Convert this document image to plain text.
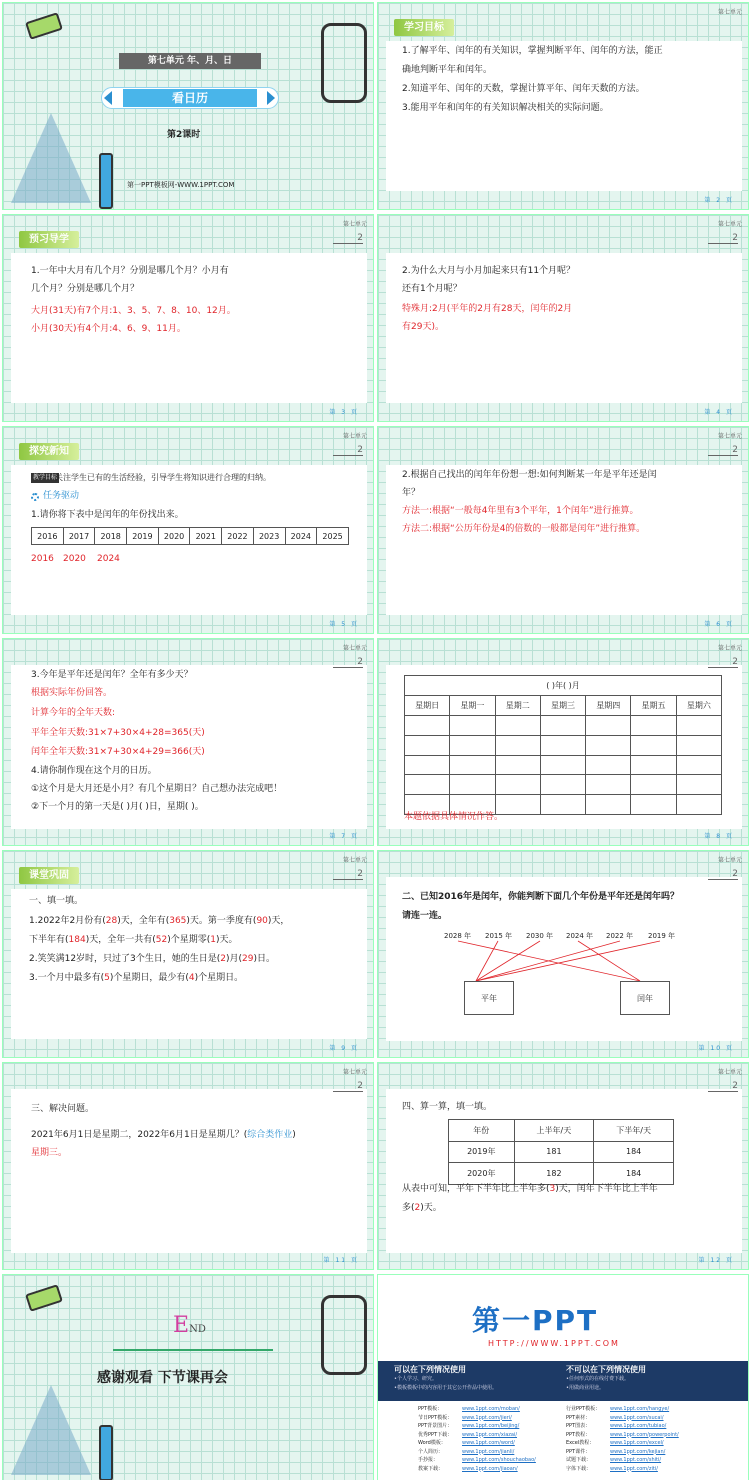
第七单元 年、月、日
看日历
第2课时
第一PPT模板网-WWW.1PPT.COM
学习目标
第七单元
1.了解平年、闰年的有关知识，掌握判断平年、闰年的方法，能正
确地判断平年和闰年。
2.知道平年、闰年的天数，掌握计算平年、闰年天数的方法。
3.能用平年和闰年的有关知识解决相关的实际问题。
第 2 页
预习导学
第七单元
2
1.一年中大月有几个月？分别是哪几个月？小月有
几个月？分别是哪几个月？
大月(31天)有7个月:1、3、5、7、8、10、12月。
小月(30天)有4个月:4、6、9、11月。
第 3 页
第七单元
2
2.为什么大月与小月加起来只有11个月呢？
还有1个月呢？
特殊月:2月(平年的2月有28天，闰年的2月
有29天)。
第 4 页
探究新知
第七单元
2
教学目标
关注学生已有的生活经验，引导学生将知识进行合理的归纳。
任务驱动
1.请你将下表中是闰年的年份找出来。
2016	2017	2018	2019	2020	2021	2022	2023	2024	2025
2016 2020 2024
第 5 页
第七单元
2
2.根据自己找出的闰年年份想一想:如何判断某一年是平年还是闰
年？
方法一:根据“一般每4年里有3个平年，1个闰年”进行推算。
方法二:根据“公历年份是4的倍数的一般都是闰年”进行推算。
第 6 页
第七单元
2
3.今年是平年还是闰年？全年有多少天？
根据实际年份回答。
计算今年的全年天数:
平年全年天数:31×7+30×4+28=365(天)
闰年全年天数:31×7+30×4+29=366(天)
4.请你制作现在这个月的日历。
①这个月是大月还是小月？有几个星期日？自己想办法完成吧！
②下一个月的第一天是( )月( )日，星期( )。
第 7 页
第七单元
2
( )年( )月						
星期日	星期一	星期二	星期三	星期四	星期五	星期六

本题依据具体情况作答。
第 8 页
课堂巩固
第七单元
2
一、填一填。
1.2022年2月份有(28)天，全年有(365)天。第一季度有(90)天，
下半年有(184)天，全年一共有(52)个星期零(1)天。
2.笑笑满12岁时，只过了3个生日，她的生日是(2)月(29)日。
3.一个月中最多有(5)个星期日，最少有(4)个星期日。
第 9 页
第七单元
2
二、已知2016年是闰年，你能判断下面几个年份是平年还是闰年吗？
请连一连。
2028 年 2015 年 2030 年 2024 年 2022 年 2019 年
平年	闰年
第 10 页
第七单元
2
三、解决问题。
2021年6月1日是星期二，2022年6月1日是星期几？(综合类作业)
星期三。
第 11 页
第七单元
2
四、算一算，填一填。
年份	上半年/天	下半年/天
2019年	181	184
2020年	182	184
从表中可知，平年下半年比上半年多(3)天，闰年下半年比上半年
多(2)天。
第 12 页
END
感谢观看 下节课再会
第一PPT
HTTP://WWW.1PPT.COM
可以在下列情况使用
•个人学习、研究。
•模板模板中的内容用于其它公开作品中使用。
不可以在下列情况使用
•任何形式的在线付费下载。
•用做商业用途。
PPT模板：	www.1ppt.com/moban/
节日PPT模板： www.1ppt.com/jieri/
PPT背景图片： www.1ppt.com/beijing/
优秀PPT下载： www.1ppt.com/xiazai/
Word模板：	www.1ppt.com/word/
个人简历：	www.1ppt.com/jianli/
手抄报：	www.1ppt.com/shouchaobao/
教案下载：	www.1ppt.com/jiaoan/
行业PPT模板： www.1ppt.com/hangye/
PPT素材：	www.1ppt.com/sucai/
PPT图表：	www.1ppt.com/tubiao/
PPT教程：	www.1ppt.com/powerpoint/
Excel教程：	www.1ppt.com/excel/
PPT课件：	www.1ppt.com/kejian/
试题下载：	www.1ppt.com/shiti/
字体下载：	www.1ppt.com/ziti/
